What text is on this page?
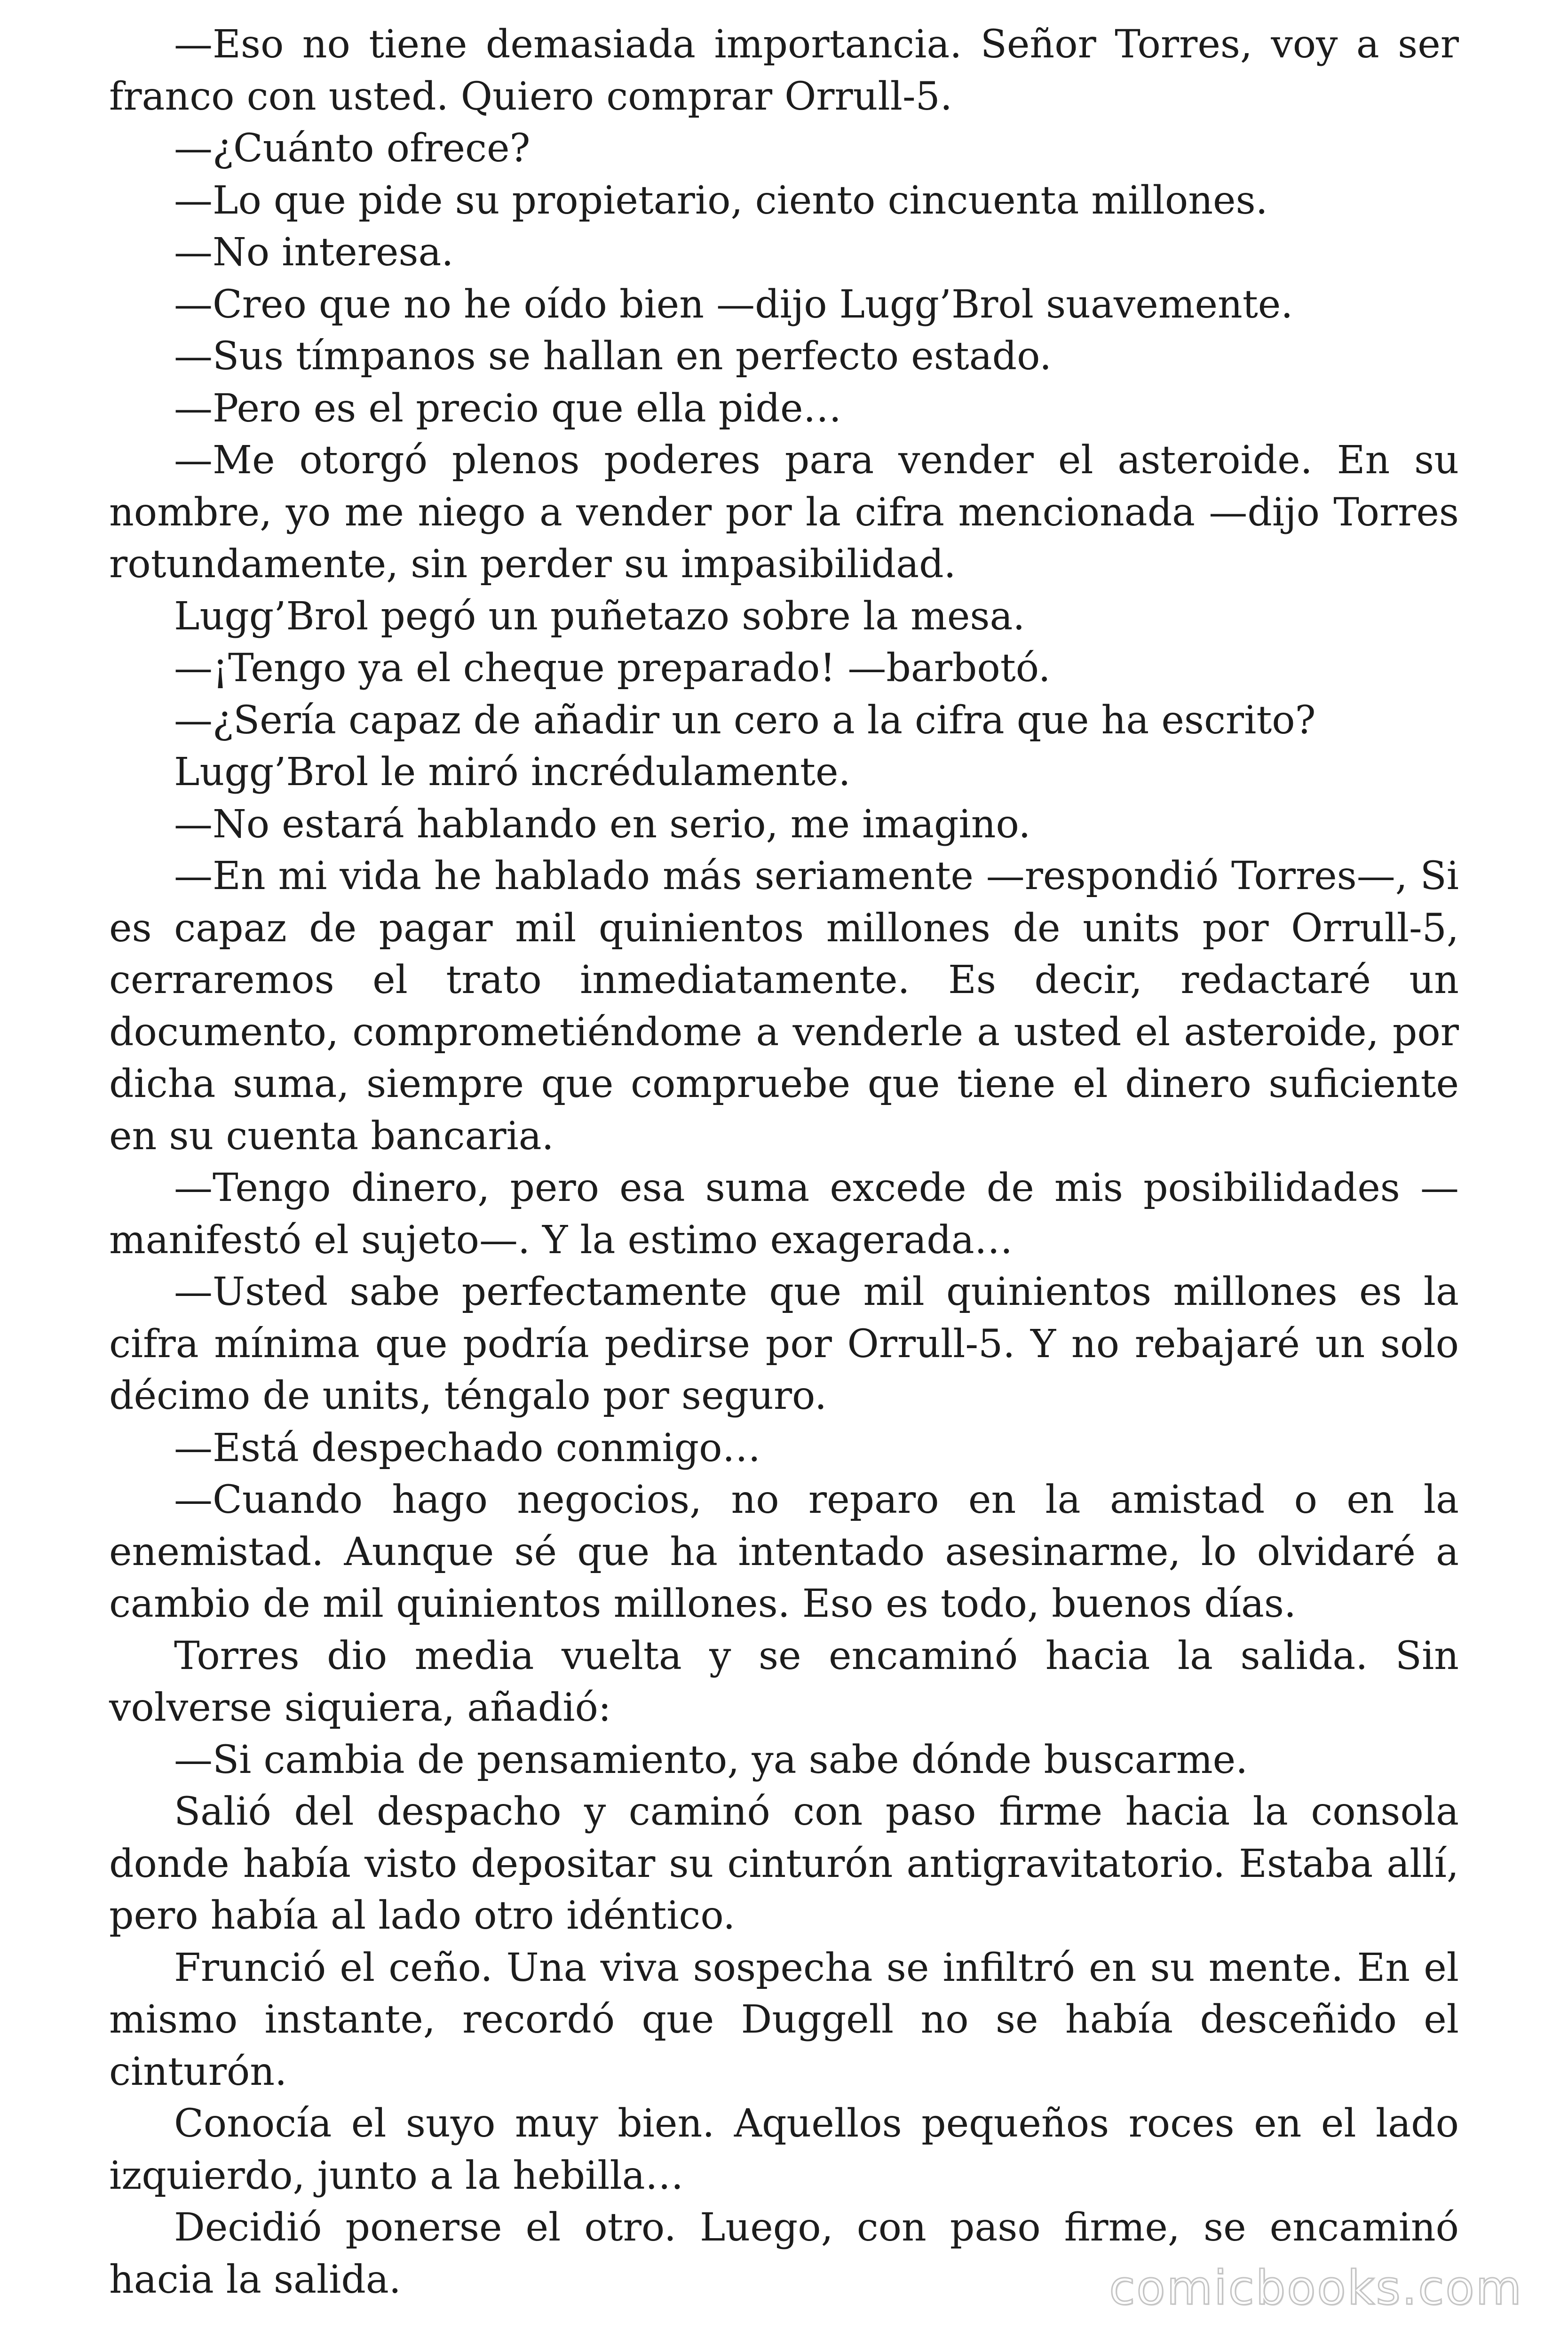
—Eso no tiene demasiada importancia. Señor Torres, voy a ser franco con usted. Quiero comprar Orrull-5.

—¿Cuánto ofrece?

—Lo que pide su propietario, ciento cincuenta millones.

—No interesa.

—Creo que no he oído bien —dijo Lugg’Brol suavemente.

—Sus tímpanos se hallan en perfecto estado.

—Pero es el precio que ella pide…

—Me otorgó plenos poderes para vender el asteroide. En su nombre, yo me niego a vender por la cifra mencionada —dijo Torres rotundamente, sin perder su impasibilidad.

Lugg’Brol pegó un puñetazo sobre la mesa.

—¡Tengo ya el cheque preparado! —barbotó.

—¿Sería capaz de añadir un cero a la cifra que ha escrito?

Lugg’Brol le miró incrédulamente.

—No estará hablando en serio, me imagino.

—En mi vida he hablado más seriamente —respondió Torres—, Si es capaz de pagar mil quinientos millones de units por Orrull-5, cerraremos el trato inmediatamente. Es decir, redactaré un documento, comprometiéndome a venderle a usted el asteroide, por dicha suma, siempre que compruebe que tiene el dinero suficiente en su cuenta bancaria.

—Tengo dinero, pero esa suma excede de mis posibilidades —manifestó el sujeto—. Y la estimo exagerada…

—Usted sabe perfectamente que mil quinientos millones es la cifra mínima que podría pedirse por Orrull-5. Y no rebajaré un solo décimo de units, téngalo por seguro.

—Está despechado conmigo…

—Cuando hago negocios, no reparo en la amistad o en la enemistad. Aunque sé que ha intentado asesinarme, lo olvidaré a cambio de mil quinientos millones. Eso es todo, buenos días.

Torres dio media vuelta y se encaminó hacia la salida. Sin volverse siquiera, añadió:

—Si cambia de pensamiento, ya sabe dónde buscarme.

Salió del despacho y caminó con paso firme hacia la consola donde había visto depositar su cinturón antigravitatorio. Estaba allí, pero había al lado otro idéntico.

Frunció el ceño. Una viva sospecha se infiltró en su mente. En el mismo instante, recordó que Duggell no se había desceñido el cinturón.

Conocía el suyo muy bien. Aquellos pequeños roces en el lado izquierdo, junto a la hebilla…

Decidió ponerse el otro. Luego, con paso firme, se encaminó hacia la salida.	comicbooks.com
